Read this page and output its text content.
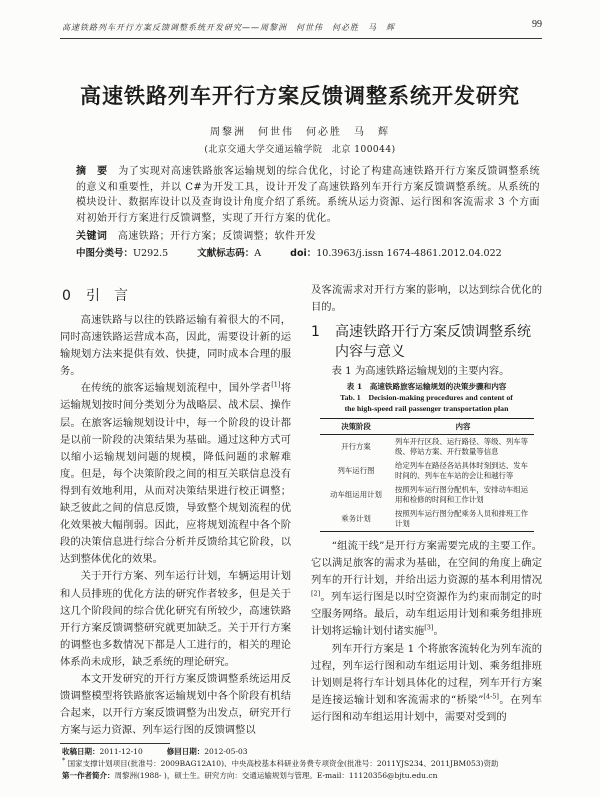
高速铁路列车开行方案反馈调整系统开发研究——周黎洲　何世伟　何必胜　马　辉	99
高速铁路列车开行方案反馈调整系统开发研究
周黎洲　何世伟　何必胜　马　辉
(北京交通大学交通运输学院　北京 100044)
摘　要　 为了实现对高速铁路旅客运输规划的综合优化，讨论了构建高速铁路开行方案反馈调整系统的意义和重要性，并以 C#为开发工具，设计开发了高速铁路列车开行方案反馈调整系统。从系统的模块设计、数据库设计以及查询设计角度介绍了系统。系统从运力资源、运行图和客流需求 3 个方面对初始开行方案进行反馈调整，实现了开行方案的优化。
关键词　 高速铁路；开行方案；反馈调整；软件开发
中图分类号：U292.5	文献标志码：A	doi：10.3963/j.issn 1674-4861.2012.04.022
0 引　言

高速铁路与以往的铁路运输有着很大的不同，同时高速铁路运营成本高，因此，需要设计新的运输规划方法来提供有效、快捷，同时成本合理的服务。

在传统的旅客运输规划流程中，国外学者[1]将运输规划按时间分类划分为战略层、战术层、操作层。在旅客运输规划设计中，每一个阶段的设计都是以前一阶段的决策结果为基础。通过这种方式可以缩小运输规划问题的规模，降低问题的求解难度。但是，每个决策阶段之间的相互关联信息没有得到有效地利用，从而对决策结果进行校正调整；缺乏彼此之间的信息反馈，导致整个规划流程的优化效果被大幅削弱。因此，应将规划流程中各个阶段的决策信息进行综合分析并反馈给其它阶段，以达到整体优化的效果。

关于开行方案、列车运行计划，车辆运用计划和人员排班的优化方法的研究作者较多，但是关于这几个阶段间的综合优化研究有所较少，高速铁路开行方案反馈调整研究就更加缺乏。关于开行方案的调整也多数情况下都是人工进行的，相关的理论体系尚未成形，缺乏系统的理论研究。

本文开发研究的开行方案反馈调整系统运用反馈调整模型将铁路旅客运输规划中各个阶段有机结合起来，以开行方案反馈调整为出发点，研究开行方案与运力资源、列车运行图的反馈调整以

及客流需求对开行方案的影响，以达到综合优化的目的。

1 高速铁路开行方案反馈调整系统内容与意义

表 1 为高速铁路运输规划的主要内容。

表 1　高速铁路旅客运输规划的决策步骤和内容
Tab. 1　Decision-making procedures and content of
the high-speed rail passenger transportation plan
决策阶段	内容
开行方案	列车开行区段、运行路径、等级、列车等级、停站方案、开行数量等信息
列车运行图	给定列车在路径各站具体时刻到达、发车时间的、列车在车站的会让和越行等
动车组运用计划	按照列车运行图分配机车，安排动车组运用和检修的时间和工作计划
乘务计划	按照列车运行图分配乘务人员和排班工作计划

“组流干线”是开行方案需要完成的主要工作。它以满足旅客的需求为基础，在空间的角度上确定列车的开行计划，并给出运力资源的基本利用情况[2]。列车运行图是以时空资源作为约束而制定的时空服务网络。最后，动车组运用计划和乘务组排班计划将运输计划付诸实施[3]。

列车开行方案是 1 个将旅客流转化为列车流的过程，列车运行图和动车组运用计划、乘务组排班计划则是将行车计划具体化的过程，列车开行方案是连接运输计划和客流需求的“桥梁”[4-5]。在列车运行图和动车组运用计划中，需要对受到的

收稿日期：2011-12-10	修回日期：2012-05-03
* 国家支撑计划项目(批准号：2009BAG12A10)、中央高校基本科研业务费专项资金(批准号：2011YJS234、2011JBM053)资助
第一作者简介：周黎洲(1988- )，硕士生。研究方向：交通运输规划与管理。E-mail：11120356@bjtu.edu.cn
